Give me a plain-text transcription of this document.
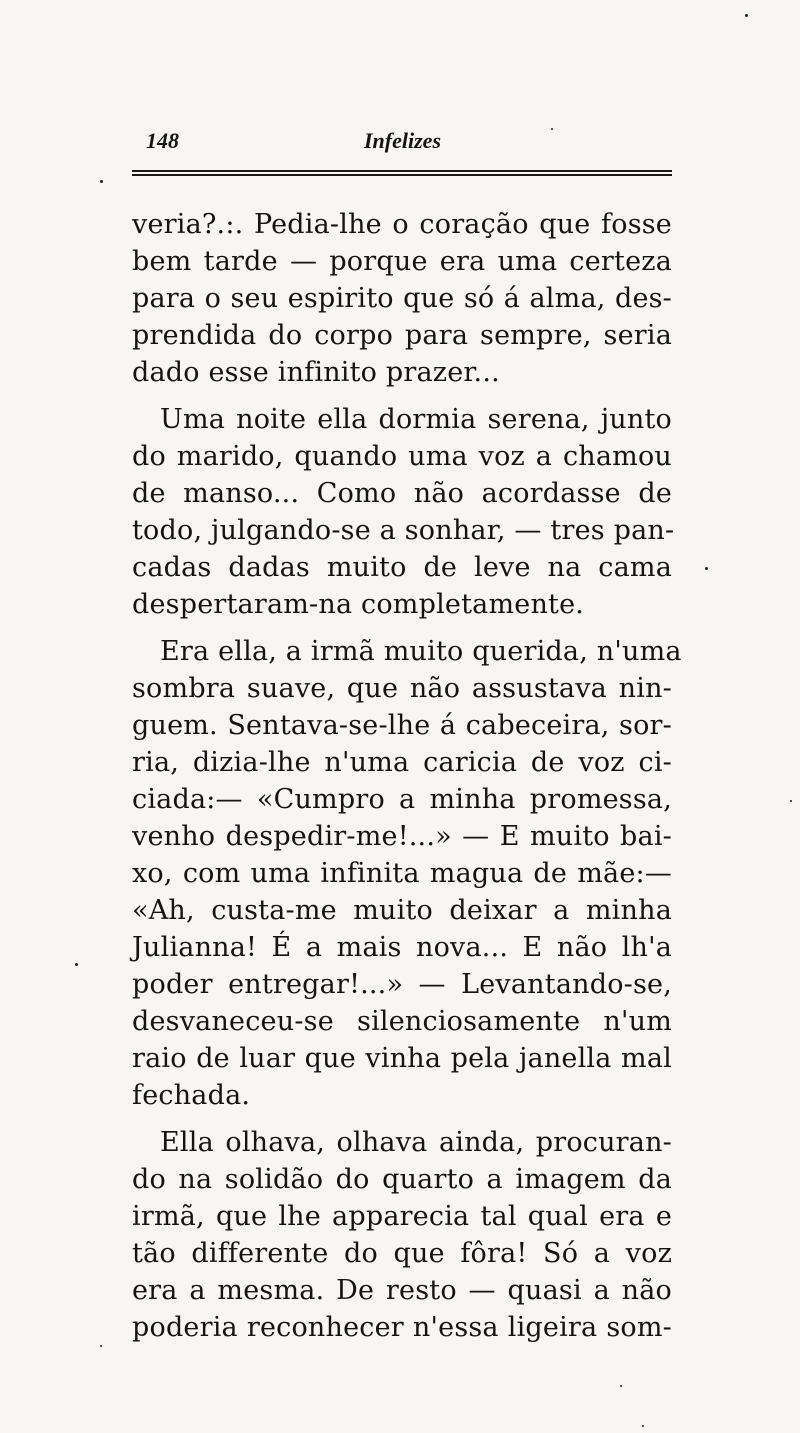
148	Infelizes
veria?.:. Pedia-lhe o coração que fosse
bem tarde — porque era uma certeza
para o seu espirito que só á alma, des-
prendida do corpo para sempre, seria
dado esse infinito prazer...
Uma noite ella dormia serena, junto
do marido, quando uma voz a chamou
de manso... Como não acordasse de
todo, julgando-se a sonhar, — tres pan-
cadas dadas muito de leve na cama
despertaram-na completamente.
Era ella, a irmã muito querida, n'uma
sombra suave, que não assustava nin-
guem. Sentava-se-lhe á cabeceira, sor-
ria, dizia-lhe n'uma caricia de voz ci-
ciada:— «Cumpro a minha promessa,
venho despedir-me!...» — E muito bai-
xo, com uma infinita magua de mãe:—
«Ah, custa-me muito deixar a minha
Julianna! É a mais nova... E não lh'a
poder entregar!...» — Levantando-se,
desvaneceu-se silenciosamente n'um
raio de luar que vinha pela janella mal
fechada.
Ella olhava, olhava ainda, procuran-
do na solidão do quarto a imagem da
irmã, que lhe apparecia tal qual era e
tão differente do que fôra! Só a voz
era a mesma. De resto — quasi a não
poderia reconhecer n'essa ligeira som-
